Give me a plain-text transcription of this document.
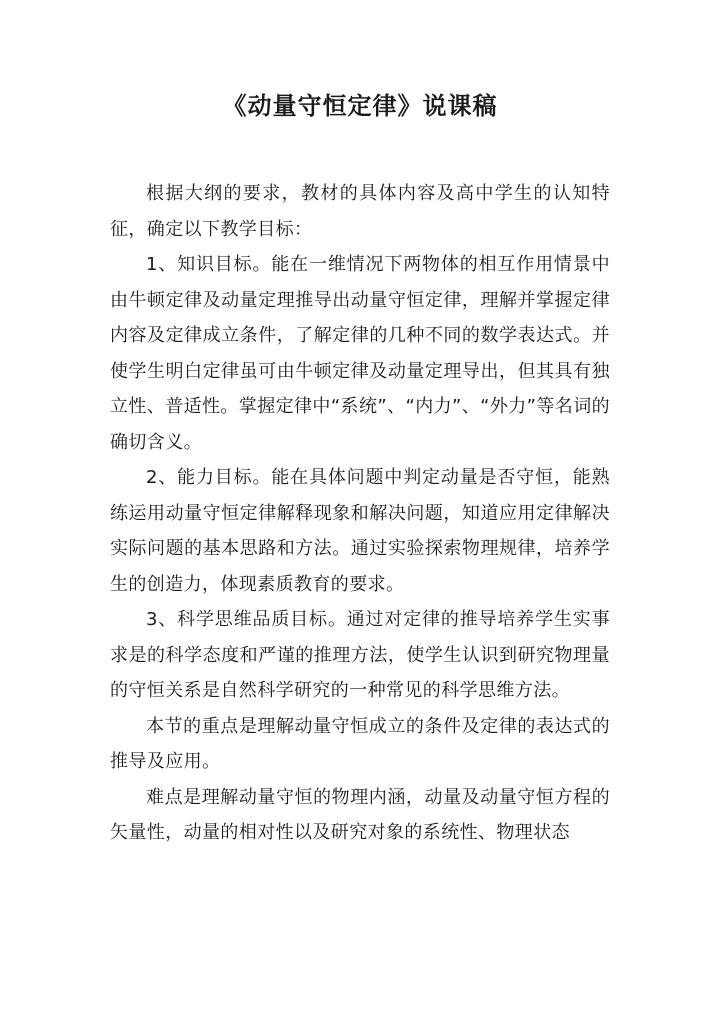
《动量守恒定律》说课稿

根据大纲的要求，教材的具体内容及高中学生的认知特征，确定以下教学目标：

1、知识目标。能在一维情况下两物体的相互作用情景中由牛顿定律及动量定理推导出动量守恒定律，理解并掌握定律内容及定律成立条件，了解定律的几种不同的数学表达式。并使学生明白定律虽可由牛顿定律及动量定理导出，但其具有独立性、普适性。掌握定律中“系统”、“内力”、“外力”等名词的确切含义。

2、能力目标。能在具体问题中判定动量是否守恒，能熟练运用动量守恒定律解释现象和解决问题，知道应用定律解决实际问题的基本思路和方法。通过实验探索物理规律，培养学生的创造力，体现素质教育的要求。

3、科学思维品质目标。通过对定律的推导培养学生实事求是的科学态度和严谨的推理方法，使学生认识到研究物理量的守恒关系是自然科学研究的一种常见的科学思维方法。

本节的重点是理解动量守恒成立的条件及定律的表达式的推导及应用。

难点是理解动量守恒的物理内涵，动量及动量守恒方程的矢量性，动量的相对性以及研究对象的系统性、物理状态
